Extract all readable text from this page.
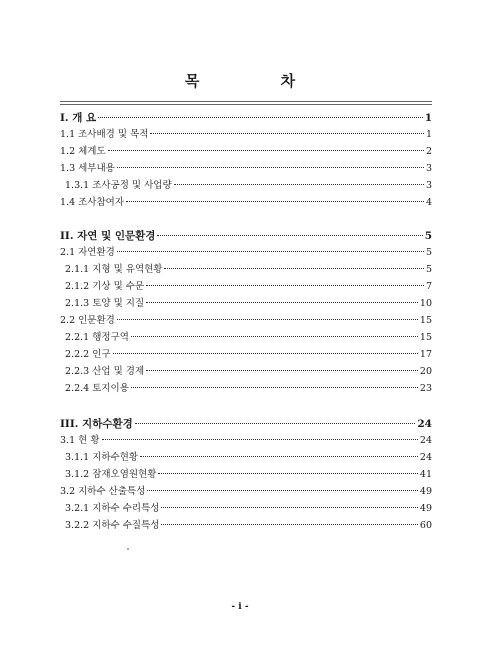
목 차
I. 개 요	1
1.1 조사배경 및 목적	1
1.2 체계도	2
1.3 세부내용	3
1.3.1 조사공정 및 사업량	3
1.4 조사참여자	4
II. 자연 및 인문환경	5
2.1 자연환경	5
2.1.1 지형 및 유역현황	5
2.1.2 기상 및 수문	7
2.1.3 토양 및 지질	10
2.2 인문환경	15
2.2.1 행정구역	15
2.2.2 인구	17
2.2.3 산업 및 경제	20
2.2.4 토지이용	23
III. 지하수환경	24
3.1 현 황	24
3.1.1 지하수현황	24
3.1.2 잠재오염원현황	41
3.2 지하수 산출특성	49
3.2.1 지하수 수리특성	49
3.2.2 지하수 수질특성	60
- i -
